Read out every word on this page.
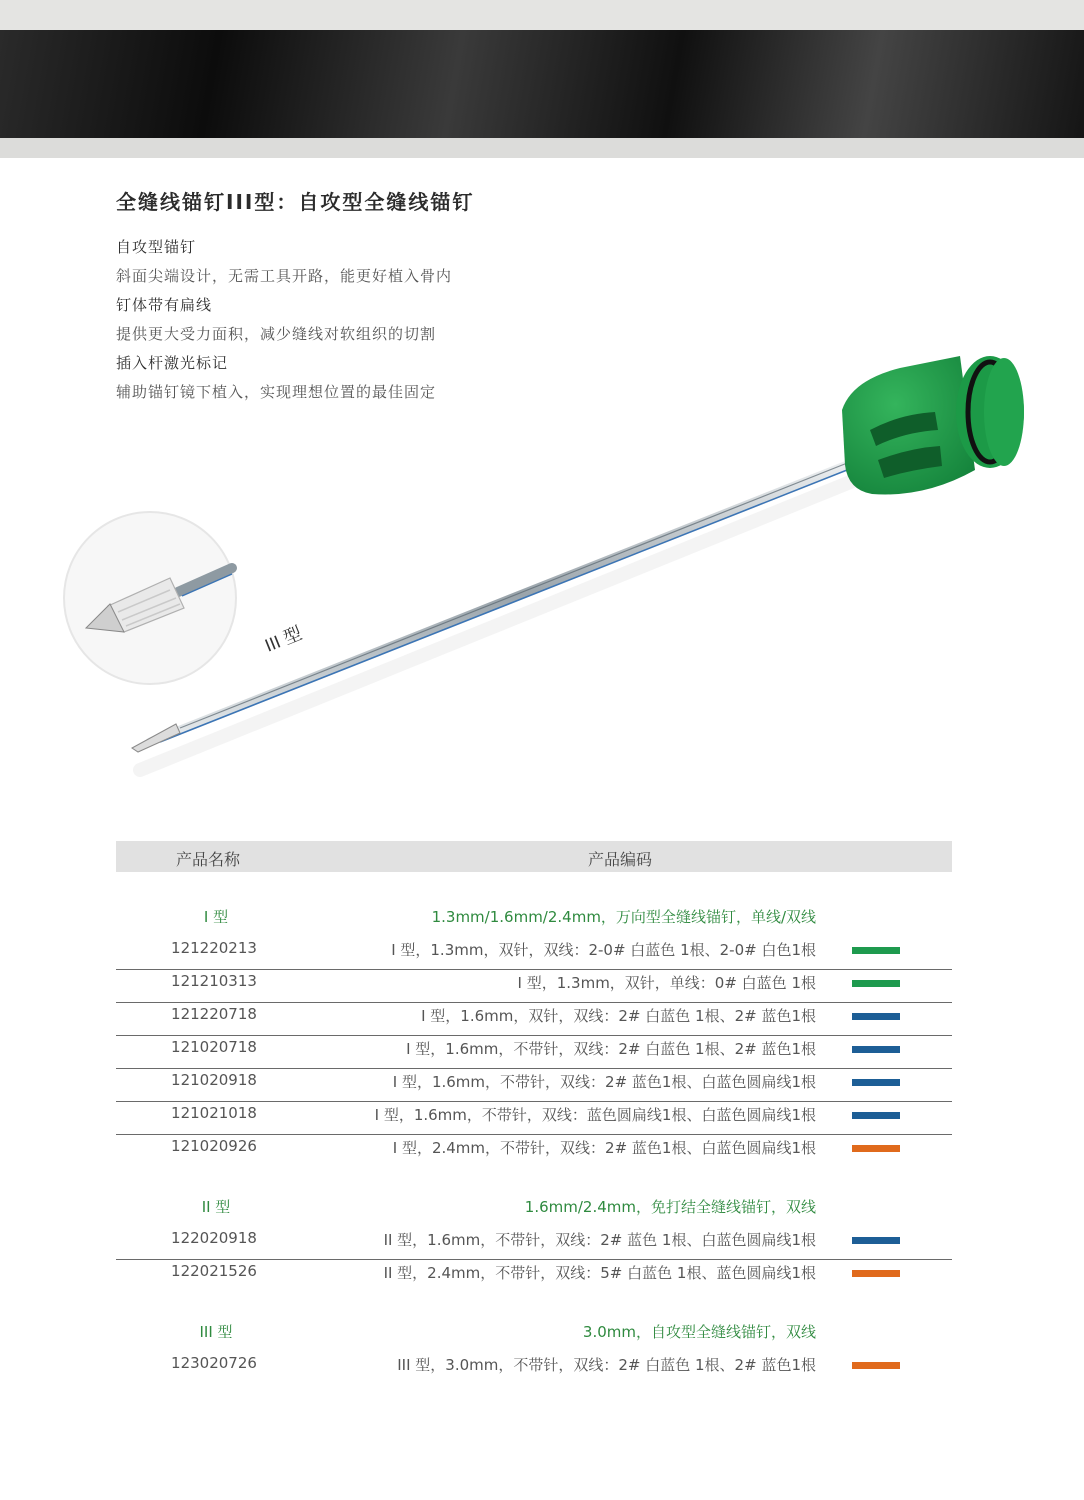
全缝线锚钉III型：自攻型全缝线锚钉
自攻型锚钉
斜面尖端设计，无需工具开路，能更好植入骨内
钉体带有扁线
提供更大受力面积，减少缝线对软组织的切割
插入杆激光标记
辅助锚钉镜下植入，实现理想位置的最佳固定
III 型
产品名称	产品编码
I 型	1.3mm/1.6mm/2.4mm，万向型全缝线锚钉，单线/双线
121220213	I 型，1.3mm，双针，双线：2-0# 白蓝色 1根、2-0# 白色1根
121210313	I 型，1.3mm，双针，单线：0# 白蓝色 1根
121220718	I 型，1.6mm，双针，双线：2# 白蓝色 1根、2# 蓝色1根
121020718	I 型，1.6mm，不带针，双线：2# 白蓝色 1根、2# 蓝色1根
121020918	I 型，1.6mm，不带针，双线：2# 蓝色1根、白蓝色圆扁线1根
121021018	I 型，1.6mm，不带针，双线：蓝色圆扁线1根、白蓝色圆扁线1根
121020926	I 型，2.4mm，不带针，双线：2# 蓝色1根、白蓝色圆扁线1根
II 型	1.6mm/2.4mm，免打结全缝线锚钉，双线
122020918	II 型，1.6mm，不带针，双线：2# 蓝色 1根、白蓝色圆扁线1根
122021526	II 型，2.4mm，不带针，双线：5# 白蓝色 1根、蓝色圆扁线1根
III 型	3.0mm，自攻型全缝线锚钉，双线
123020726	III 型，3.0mm，不带针，双线：2# 白蓝色 1根、2# 蓝色1根
